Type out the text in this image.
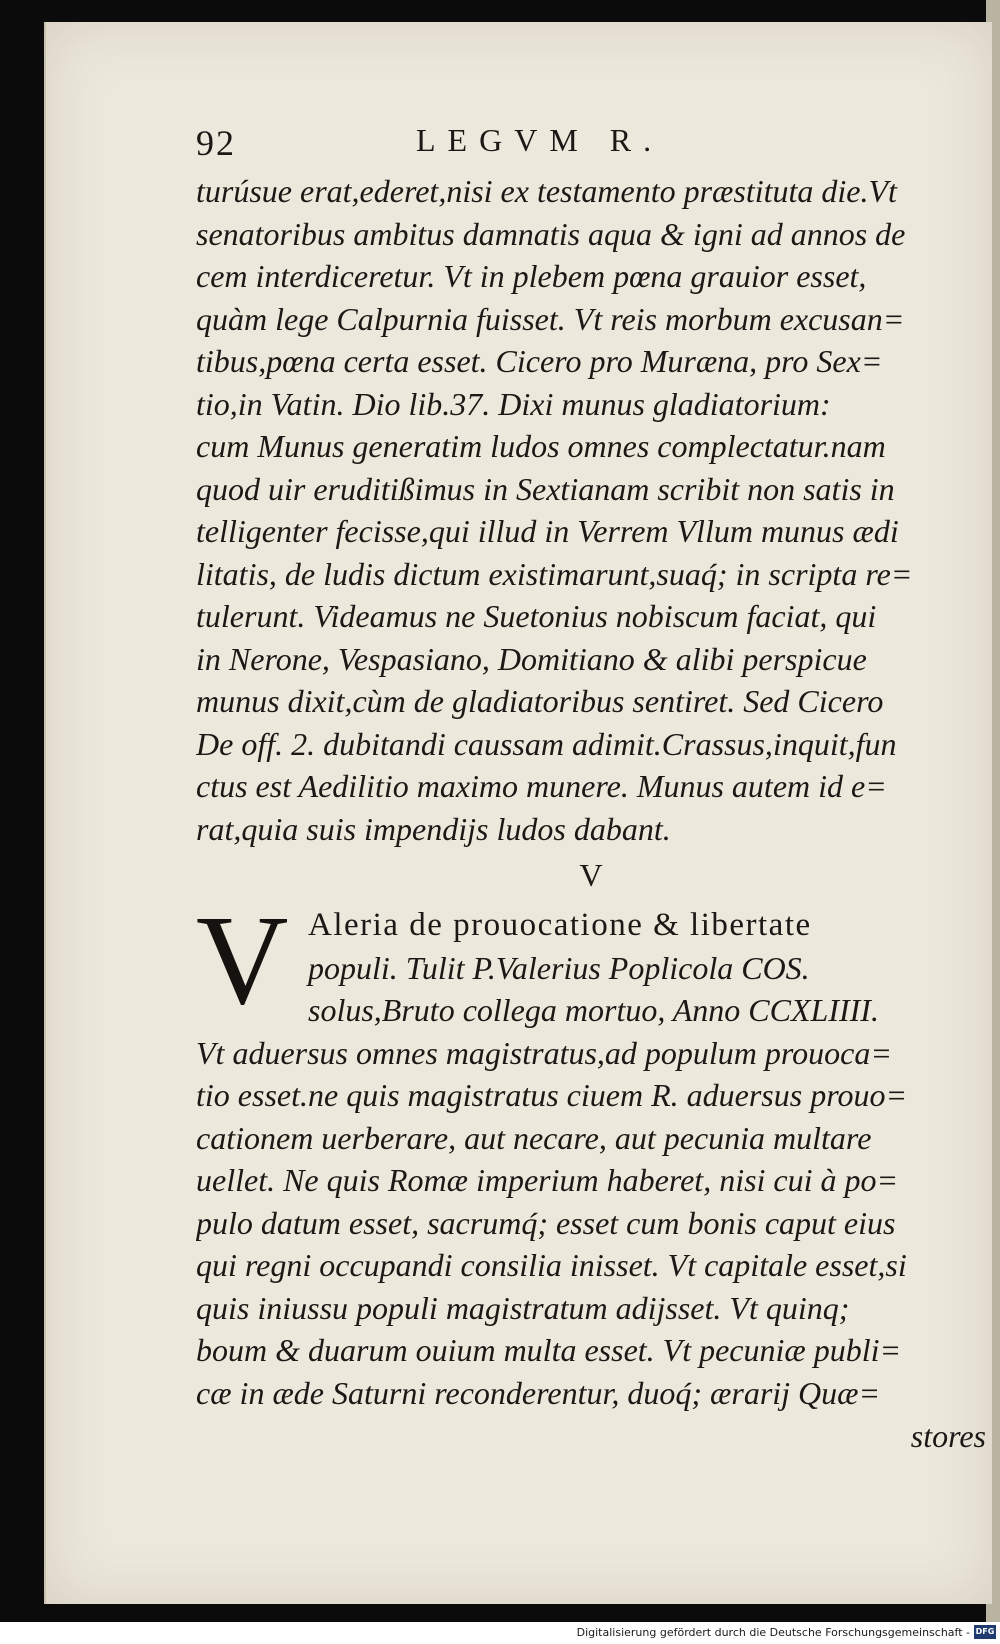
92	LEGVM R.
turúsue erat,ederet,nisi ex testamento præstituta die.Vt
senatoribus ambitus damnatis aqua & igni ad annos de
cem interdiceretur. Vt in plebem pœna grauior esset,
quàm lege Calpurnia fuisset. Vt reis morbum excusan=
tibus,pœna certa esset. Cicero pro Muræna, pro Sex=
tio,in Vatin. Dio lib.37. Dixi munus gladiatorium:
cum Munus generatim ludos omnes complectatur.nam
quod uir eruditißimus in Sextianam scribit non satis in
telligenter fecisse,qui illud in Verrem Vllum munus ædi
litatis, de ludis dictum existimarunt,suaq́; in scripta re=
tulerunt. Videamus ne Suetonius nobiscum faciat, qui
in Nerone, Vespasiano, Domitiano & alibi perspicue
munus dixit,cùm de gladiatoribus sentiret. Sed Cicero
De off. 2. dubitandi caussam adimit.Crassus,inquit,fun
ctus est Aedilitio maximo munere. Munus autem id e=
rat,quia suis impendijs ludos dabant.
V
V Aleria de prouocatione & libertate
populi. Tulit P.Valerius Poplicola COS.
solus,Bruto collega mortuo, Anno CCXLIIII.
Vt aduersus omnes magistratus,ad populum prouoca=
tio esset.ne quis magistratus ciuem R. aduersus prouo=
cationem uerberare, aut necare, aut pecunia multare
uellet. Ne quis Romæ imperium haberet, nisi cui à po=
pulo datum esset, sacrumq́; esset cum bonis caput eius
qui regni occupandi consilia inisset. Vt capitale esset,si
quis iniussu populi magistratum adijsset. Vt quinq;
boum & duarum ouium multa esset. Vt pecuniæ publi=
cæ in æde Saturni reconderentur, duoq́; ærarij Quæ=
stores
Digitalisierung gefördert durch die Deutsche Forschungsgemeinschaft - DFG
